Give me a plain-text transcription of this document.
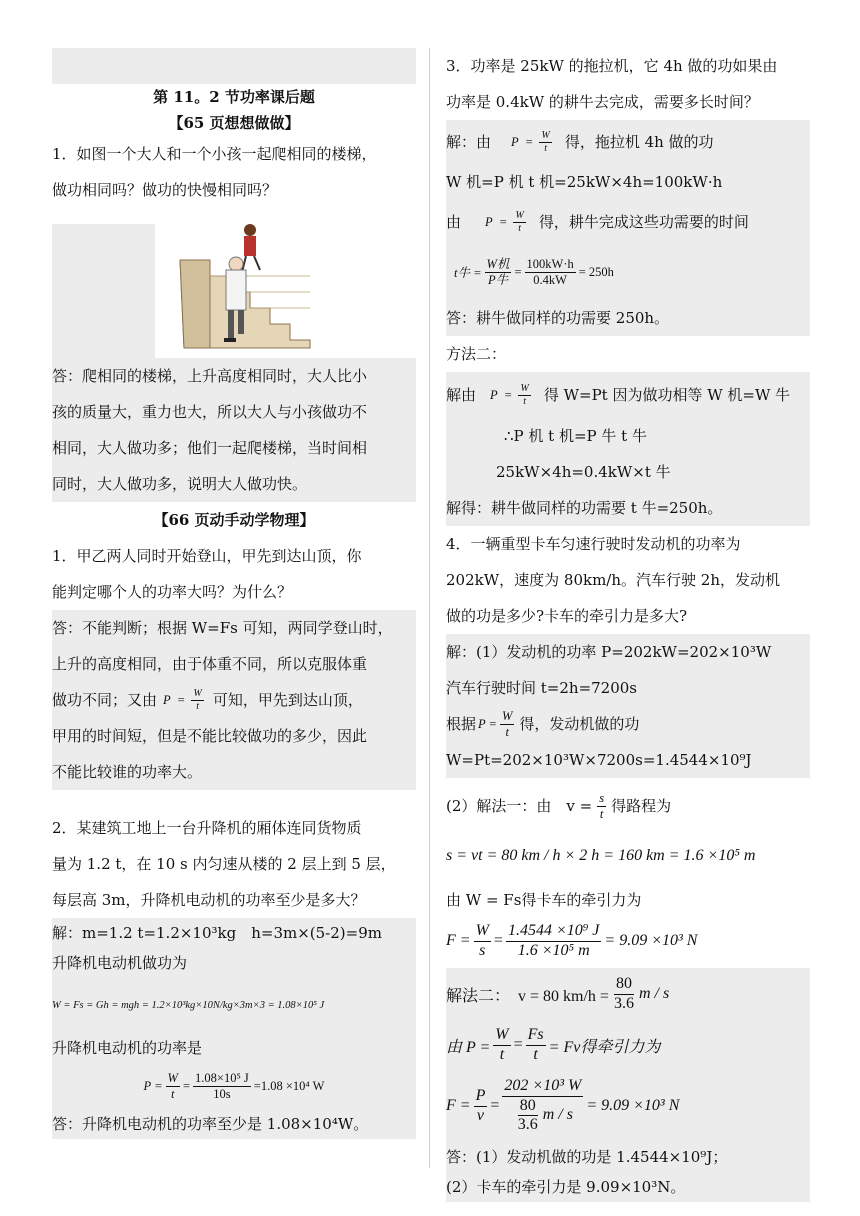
第 11。2 节功率课后题

【65 页想想做做】

1．如图一个大人和一个小孩一起爬相同的楼梯，

做功相同吗？做功的快慢相同吗？

答：爬相同的楼梯，上升高度相同时，大人比小

孩的质量大，重力也大，所以大人与小孩做功不

相同，大人做功多；他们一起爬楼梯，当时间相

同时，大人做功多，说明大人做功快。

【66 页动手动学物理】

1．甲乙两人同时开始登山，甲先到达山顶，你

能判定哪个人的功率大吗？为什么？

答：不能判断；根据 W=Fs 可知，两同学登山时，

上升的高度相同，由于体重不同，所以克服体重

做功不同；又由 $P = \frac{W}{t}$ 可知，甲先到达山顶，

甲用的时间短，但是不能比较做功的多少，因此

不能比较谁的功率大。

2．某建筑工地上一台升降机的厢体连同货物质

量为 1.2 t，在 10 s 内匀速从楼的 2 层上到 5 层，

每层高 3m，升降机电动机的功率至少是多大？

解：m=1.2 t=1.2×10³kg　h=3m×(5-2)=9m

升降机电动机做功为

W = Fs = Gh = mgh = 1.2×10³kg×10N/kg×3m×3 = 1.08×10⁵ J

升降机电动机的功率是

$P = \frac{W}{t} = \frac{\text{1.08×10⁵ J}}{10s} =1.08 \times 10^4$ W

答：升降机电动机的功率至少是 1.08×10⁴W。

3．功率是 25kW 的拖拉机，它 4h 做的功如果由

功率是 0.4kW 的耕牛去完成，需要多长时间？

解：由 $P = \frac{W}{t}$ 得，拖拉机 4h 做的功

W 机=P 机 t 机=25kW×4h=100kW·h

由 $P = \frac{W}{t}$ 得，耕牛完成这些功需要的时间

t牛 = $\frac{\text{W机}}{\text{P牛}} = \frac{100kW\cdot h}{0.4kW} = 250h$

答：耕牛做同样的功需要 250h。

方法二：

解由 $P = \frac{W}{t}$ 得 W=Pt 因为做功相等 W 机=W 牛

∴P 机 t 机=P 牛 t 牛

25kW×4h=0.4kW×t 牛

解得：耕牛做同样的功需要 t 牛=250h。

4．一辆重型卡车匀速行驶时发动机的功率为

202kW，速度为 80km/h。汽车行驶 2h，发动机

做的功是多少?卡车的牵引力是多大?

解：(1）发动机的功率 P=202kW=202×10³W

汽车行驶时间 t=2h=7200s

根据 $P = \frac{W}{t}$ 得，发动机做的功

W=Pt=202×10³W×7200s=1.4544×10⁹J

(2）解法一：由　$v = \frac{s}{t}$ 得路程为

s = vt = 80 km / h × 2 h = 160 km = 1.6 ×10⁵ m

由 W = Fs得卡车的牵引力为

$F = \frac{W}{s} = \frac{\text{1.4544 ×10⁹ J}}{\text{1.6 ×10⁵ m}} = 9.09 \times 10^3$ N
解法二：　v = 80 $km/h = \frac{80}{3.6}$ m / s
由 $P = \frac{W}{t} = \frac{Fs}{t} = Fv$得牵引力为
$F = \frac{P}{v} = \frac{\text{202 ×10³ W}}{\frac{80}{3.6} m / s} = 9.09 \times 10^3$ N

答：(1）发动机做的功是 1.4544×10⁹J；

(2）卡车的牵引力是 9.09×10³N。
